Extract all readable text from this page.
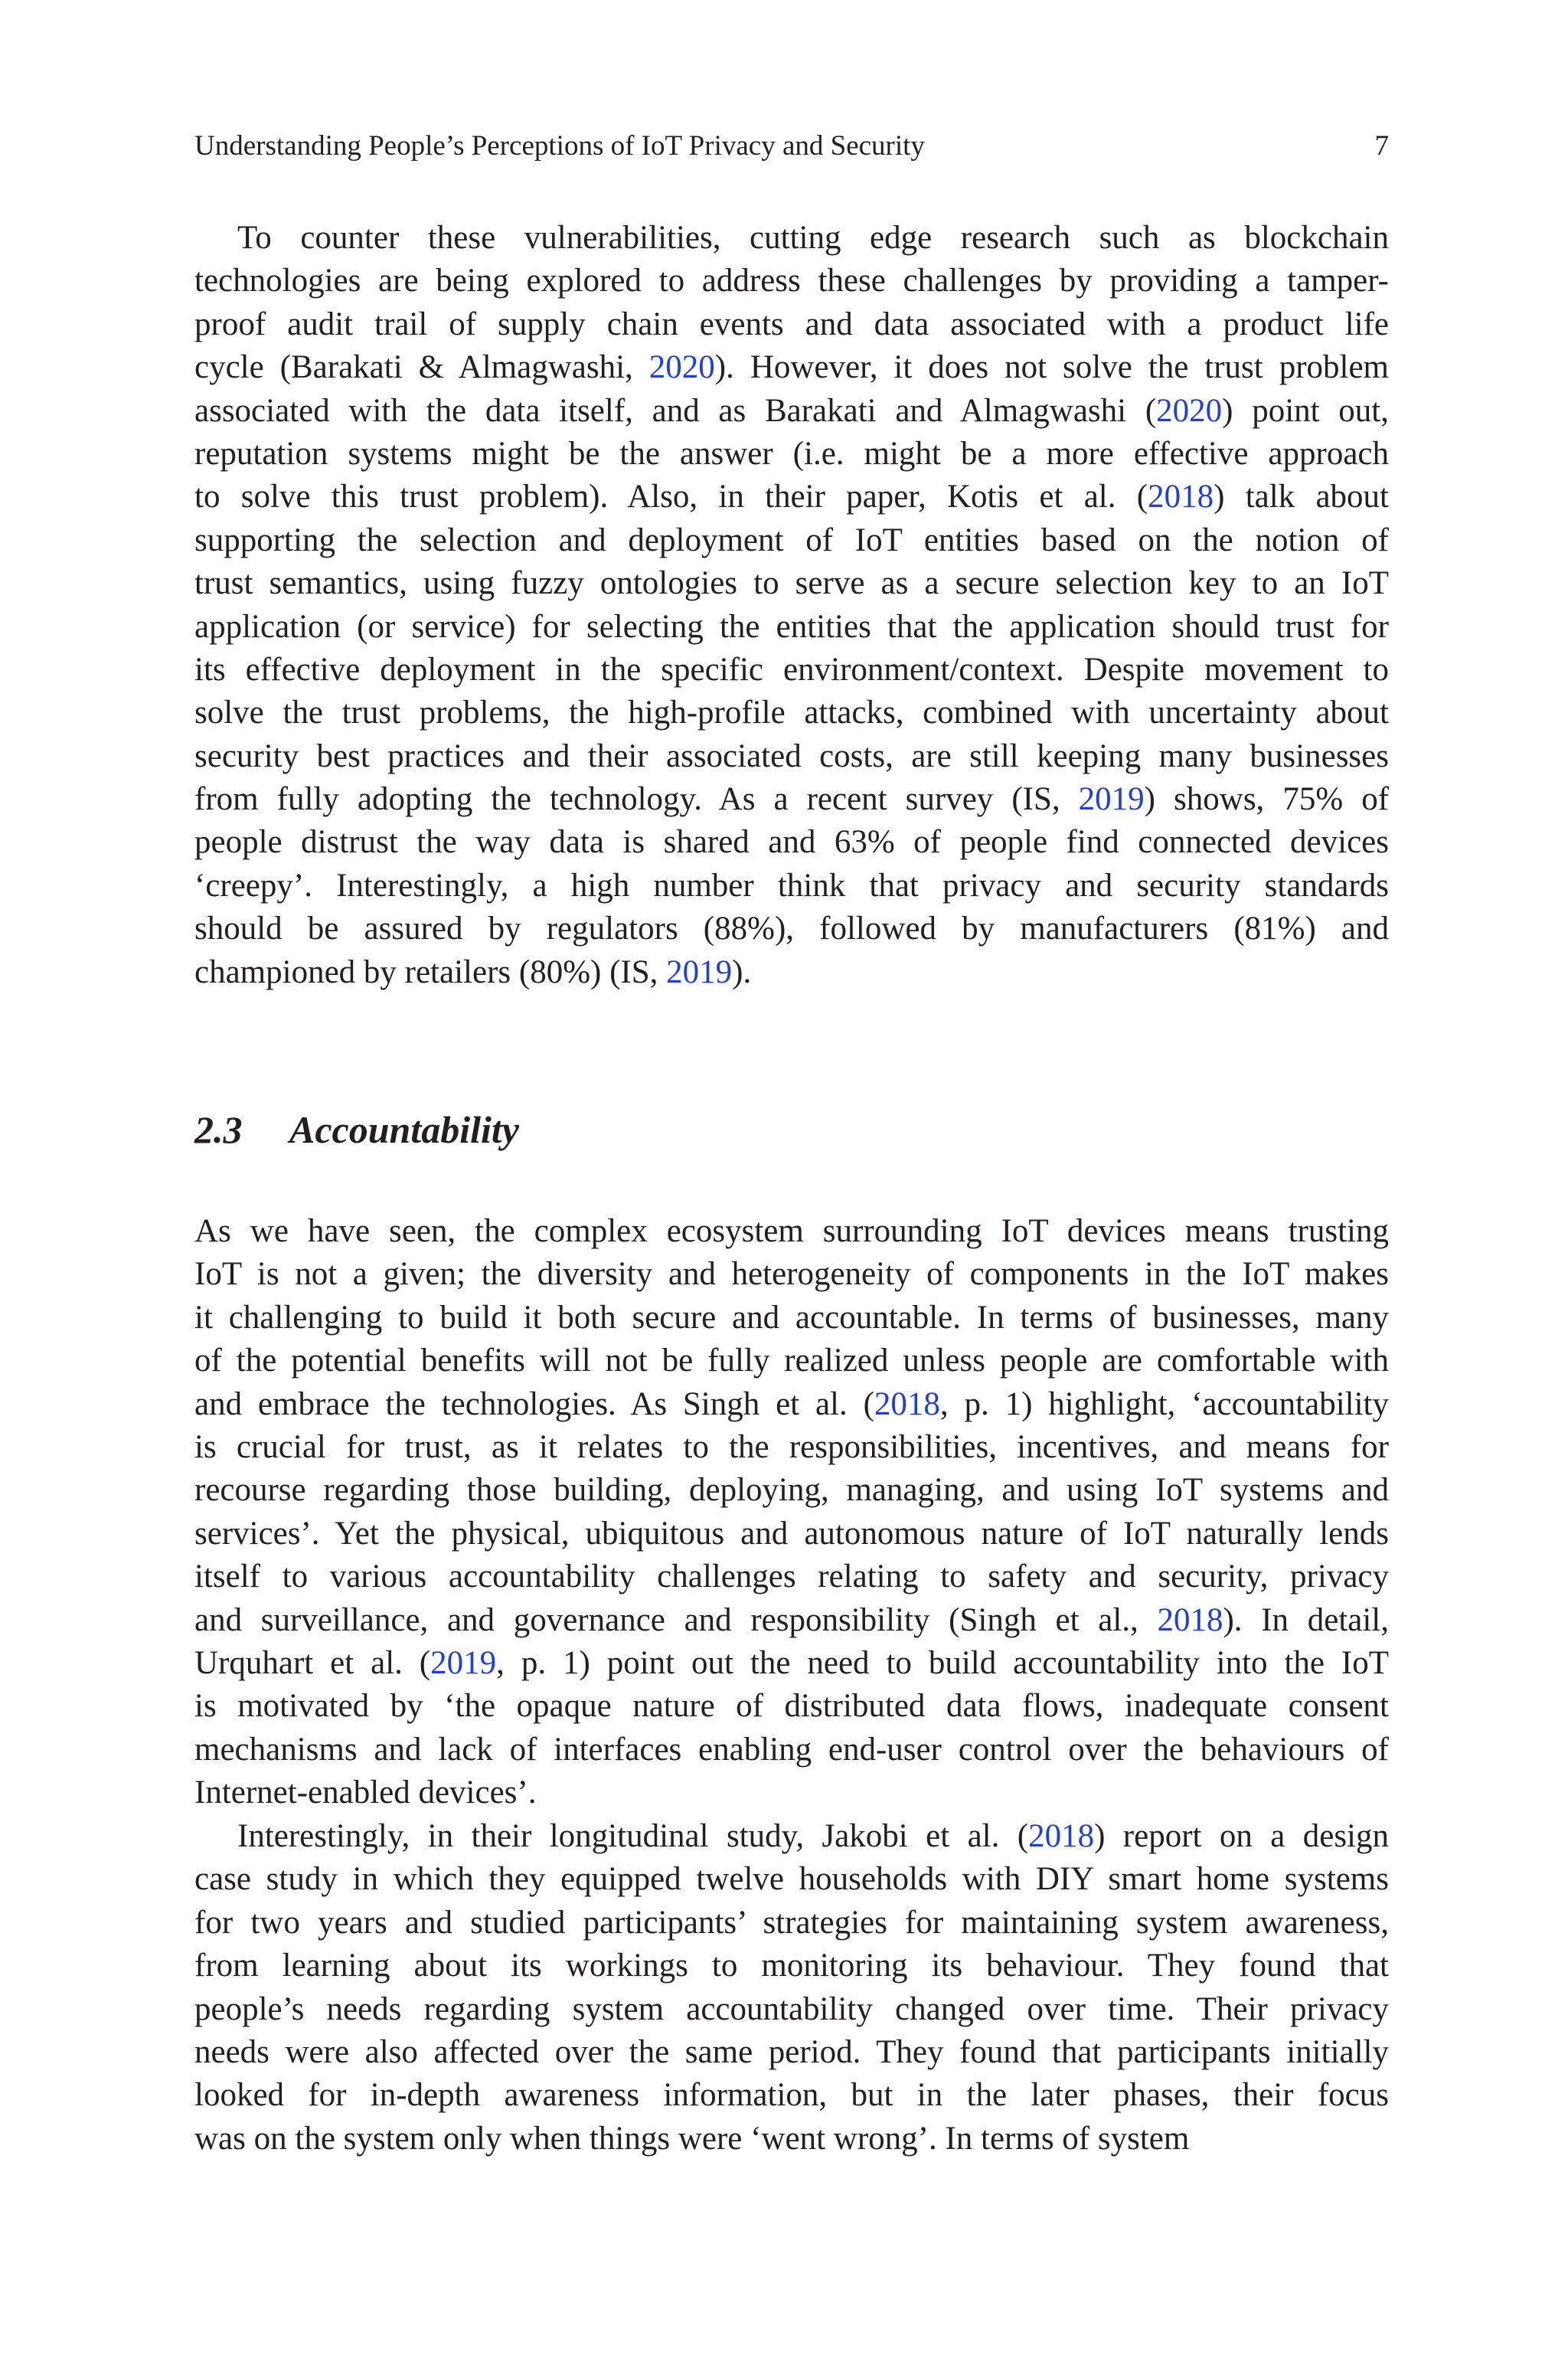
Understanding People’s Perceptions of IoT Privacy and Security	7
To counter these vulnerabilities, cutting edge research such as blockchain
technologies are being explored to address these challenges by providing a tamper-
proof audit trail of supply chain events and data associated with a product life
cycle (Barakati & Almagwashi, 2020). However, it does not solve the trust problem
associated with the data itself, and as Barakati and Almagwashi (2020) point out,
reputation systems might be the answer (i.e. might be a more effective approach
to solve this trust problem). Also, in their paper, Kotis et al. (2018) talk about
supporting the selection and deployment of IoT entities based on the notion of
trust semantics, using fuzzy ontologies to serve as a secure selection key to an IoT
application (or service) for selecting the entities that the application should trust for
its effective deployment in the specific environment/context. Despite movement to
solve the trust problems, the high-profile attacks, combined with uncertainty about
security best practices and their associated costs, are still keeping many businesses
from fully adopting the technology. As a recent survey (IS, 2019) shows, 75% of
people distrust the way data is shared and 63% of people find connected devices
‘creepy’. Interestingly, a high number think that privacy and security standards
should be assured by regulators (88%), followed by manufacturers (81%) and
championed by retailers (80%) (IS, 2019).
2.3 Accountability
As we have seen, the complex ecosystem surrounding IoT devices means trusting
IoT is not a given; the diversity and heterogeneity of components in the IoT makes
it challenging to build it both secure and accountable. In terms of businesses, many
of the potential benefits will not be fully realized unless people are comfortable with
and embrace the technologies. As Singh et al. (2018, p. 1) highlight, ‘accountability
is crucial for trust, as it relates to the responsibilities, incentives, and means for
recourse regarding those building, deploying, managing, and using IoT systems and
services’. Yet the physical, ubiquitous and autonomous nature of IoT naturally lends
itself to various accountability challenges relating to safety and security, privacy
and surveillance, and governance and responsibility (Singh et al., 2018). In detail,
Urquhart et al. (2019, p. 1) point out the need to build accountability into the IoT
is motivated by ‘the opaque nature of distributed data flows, inadequate consent
mechanisms and lack of interfaces enabling end-user control over the behaviours of
Internet-enabled devices’.
Interestingly, in their longitudinal study, Jakobi et al. (2018) report on a design
case study in which they equipped twelve households with DIY smart home systems
for two years and studied participants’ strategies for maintaining system awareness,
from learning about its workings to monitoring its behaviour. They found that
people’s needs regarding system accountability changed over time. Their privacy
needs were also affected over the same period. They found that participants initially
looked for in-depth awareness information, but in the later phases, their focus
was on the system only when things were ‘went wrong’. In terms of system
